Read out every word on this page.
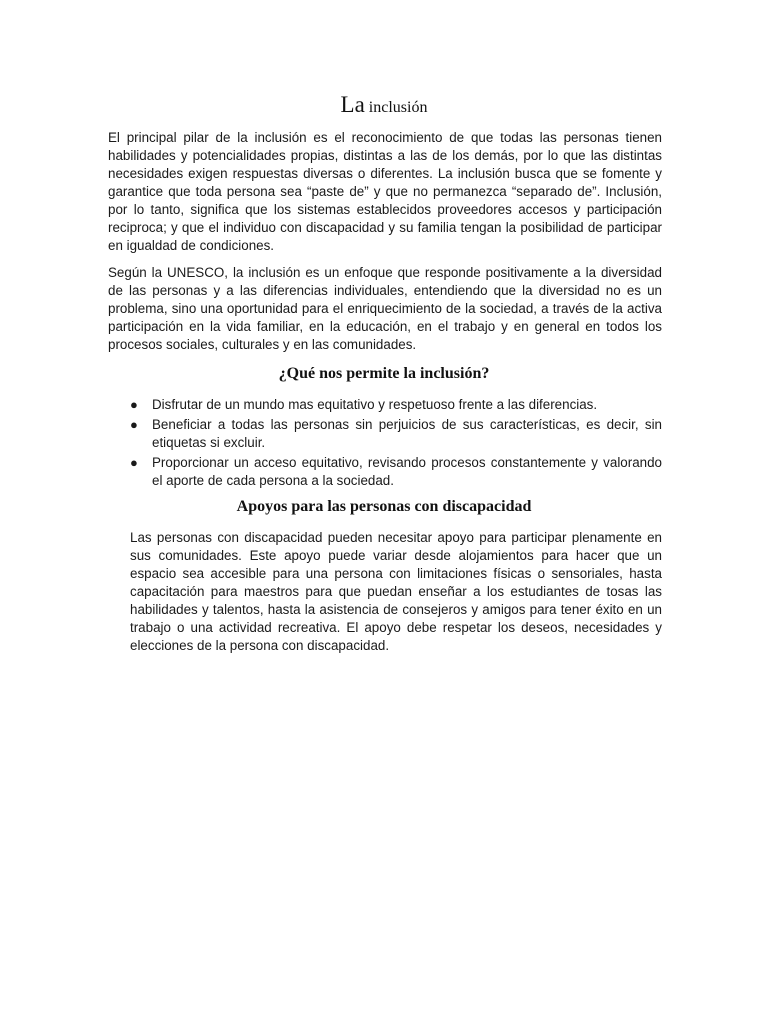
La inclusión

El principal pilar de la inclusión es el reconocimiento de que todas las personas tienen habilidades y potencialidades propias, distintas a las de los demás, por lo que las distintas necesidades exigen respuestas diversas o diferentes. La inclusión busca que se fomente y garantice que toda persona sea “paste de” y que no permanezca “separado de”. Inclusión, por lo tanto, significa que los sistemas establecidos proveedores accesos y participación reciproca; y que el individuo con discapacidad y su familia tengan la posibilidad de participar en igualdad de condiciones.

Según la UNESCO, la inclusión es un enfoque que responde positivamente a la diversidad de las personas y a las diferencias individuales, entendiendo que la diversidad no es un problema, sino una oportunidad para el enriquecimiento de la sociedad, a través de la activa participación en la vida familiar, en la educación, en el trabajo y en general en todos los procesos sociales, culturales y en las comunidades.

¿Qué nos permite la inclusión?
● Disfrutar de un mundo mas equitativo y respetuoso frente a las diferencias.
● Beneficiar a todas las personas sin perjuicios de sus características, es decir, sin etiquetas si excluir.
● Proporcionar un acceso equitativo, revisando procesos constantemente y valorando el aporte de cada persona a la sociedad.
Apoyos para las personas con discapacidad

Las personas con discapacidad pueden necesitar apoyo para participar plenamente en sus comunidades. Este apoyo puede variar desde alojamientos para hacer que un espacio sea accesible para una persona con limitaciones físicas o sensoriales, hasta capacitación para maestros para que puedan enseñar a los estudiantes de tosas las habilidades y talentos, hasta la asistencia de consejeros y amigos para tener éxito en un trabajo o una actividad recreativa. El apoyo debe respetar los deseos, necesidades y elecciones de la persona con discapacidad.
